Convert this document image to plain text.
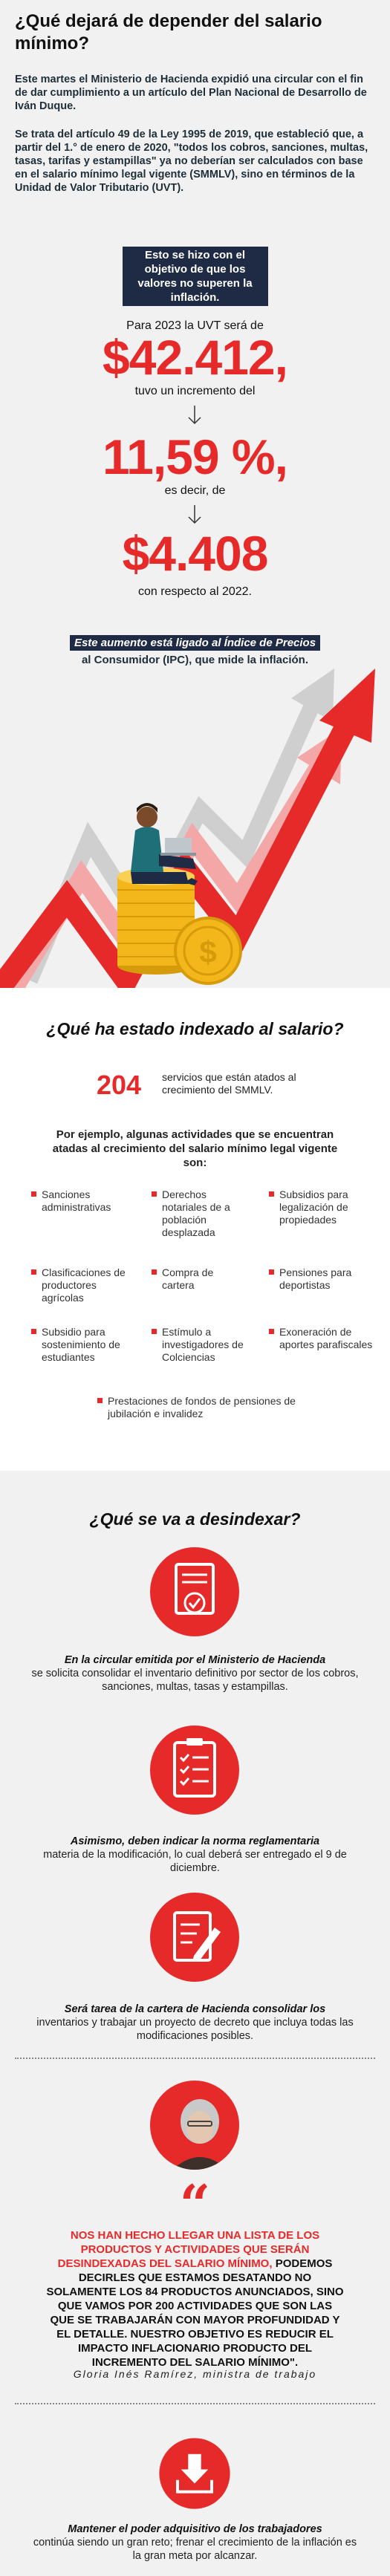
¿Qué dejará de depender del salario mínimo?

Este martes el Ministerio de Hacienda expidió una circular con el fin de dar cumplimiento a un artículo del Plan Nacional de Desarrollo de Iván Duque.

Se trata del artículo 49 de la Ley 1995 de 2019, que estableció que, a partir del 1.° de enero de 2020, "todos los cobros, sanciones, multas, tasas, tarifas y estampillas" ya no deberían ser calculados con base en el salario mínimo legal vigente (SMMLV), sino en términos de la Unidad de Valor Tributario (UVT).

Esto se hizo con el objetivo de que los valores no superen la inflación.
Para 2023 la UVT será de
$42.412,
tuvo un incremento del
11,59 %,
es decir, de
$4.408
con respecto al 2022.
Este aumento está ligado al Índice de Precios
al Consumidor (IPC), que mide la inflación.
$
¿Qué ha estado indexado al salario?
204 servicios que están atados al crecimiento del SMMLV.
Por ejemplo, algunas actividades que se encuentran atadas al crecimiento del salario mínimo legal vigente son:
Sanciones administrativas
Derechos notariales de a población desplazada
Subsidios para legalización de propiedades
Clasificaciones de productores agrícolas
Compra de cartera
Pensiones para deportistas
Subsidio para sostenimiento de estudiantes
Estímulo a investigadores de Colciencias
Exoneración de aportes parafiscales
Prestaciones de fondos de pensiones de jubilación e invalidez
¿Qué se va a desindexar?

En la circular emitida por el Ministerio de Hacienda
se solicita consolidar el inventario definitivo por sector de los cobros, sanciones, multas, tasas y estampillas.

Asimismo, deben indicar la norma reglamentaria
materia de la modificación, lo cual deberá ser entregado el 9 de diciembre.

Será tarea de la cartera de Hacienda consolidar los
inventarios y trabajar un proyecto de decreto que incluya todas las modificaciones posibles.

“

NOS HAN HECHO LLEGAR UNA LISTA DE LOS PRODUCTOS Y ACTIVIDADES QUE SERÁN DESINDEXADAS DEL SALARIO MÍNIMO, PODEMOS DECIRLES QUE ESTAMOS DESATANDO NO SOLAMENTE LOS 84 PRODUCTOS ANUNCIADOS, SINO QUE VAMOS POR 200 ACTIVIDADES QUE SON LAS QUE SE TRABAJARÁN CON MAYOR PROFUNDIDAD Y EL DETALLE. NUESTRO OBJETIVO ES REDUCIR EL IMPACTO INFLACIONARIO PRODUCTO DEL INCREMENTO DEL SALARIO MÍNIMO".

Gloria Inés Ramírez, ministra de trabajo

Mantener el poder adquisitivo de los trabajadores
continúa siendo un gran reto; frenar el crecimiento de la inflación es la gran meta por alcanzar.
